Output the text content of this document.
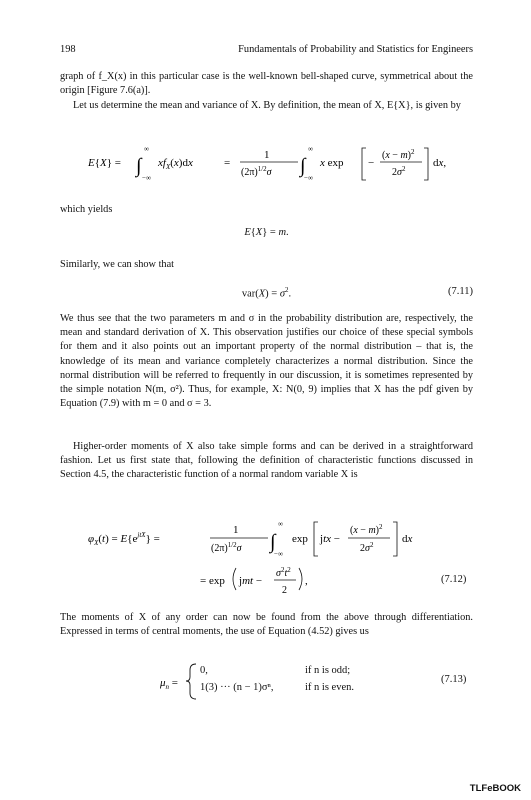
198	Fundamentals of Probability and Statistics for Engineers

graph of f_X(x) in this particular case is the well-known bell-shaped curve, symmetrical about the origin [Figure 7.6(a)].

Let us determine the mean and variance of X. By definition, the mean of X, E{X}, is given by

E{X} = ∫
∞
−∞
$xf_X(x)dx$	=
1
$(2\pi)^{1/2}\sigma$ ∫
∞
−∞
x exp −
$(x - m)^2$
$2\sigma^2$	dx,

which yields

E{X} = m.

Similarly, we can show that

$var(X) = \sigma^2$.	(7.11)

We thus see that the two parameters m and σ in the probability distribution are, respectively, the mean and standard derivation of X. This observation justifies our choice of these special symbols for them and it also points out an important property of the normal distribution – that is, the knowledge of its mean and variance completely characterizes a normal distribution. Since the normal distribution will be referred to frequently in our discussion, it is sometimes represented by the simple notation N(m, σ²). Thus, for example, X: N(0, 9) implies that X has the pdf given by Equation (7.9) with m = 0 and σ = 3.

Higher-order moments of X also take simple forms and can be derived in a straightforward fashion. Let us first state that, following the definition of characteristic functions discussed in Section 4.5, the characteristic function of a normal random variable X is

$\varphi_X(t) = E\{e^{jtX}\}$ =
1
$(2\pi)^{1/2}\sigma$ ∫
∞
−∞
exp jtx −
$(x - m)^2$
$2\sigma^2$	dx
= exp jmt −
$\sigma^2t^2$
2
,	(7.12)

The moments of X of any order can now be found from the above through differentiation. Expressed in terms of central moments, the use of Equation (4.52) gives us

$\mu_n$ =
0,	if n is odd;
1(3) ··· (n − 1)σⁿ,	if n is even.
(7.13)
TLFeBOOK
